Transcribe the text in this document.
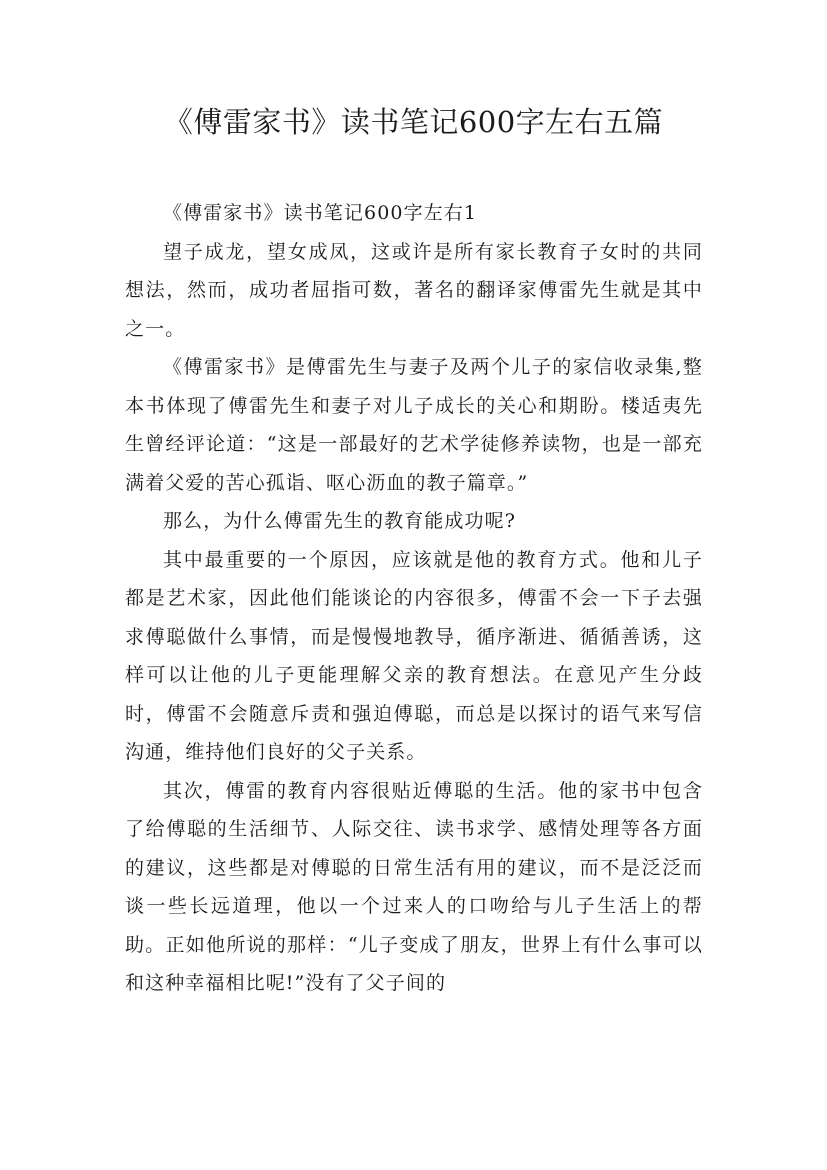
《傅雷家书》读书笔记600字左右五篇

《傅雷家书》读书笔记600字左右1

望子成龙，望女成凤，这或许是所有家长教育子女时的共同想法，然而，成功者屈指可数，著名的翻译家傅雷先生就是其中之一。

《傅雷家书》是傅雷先生与妻子及两个儿子的家信收录集,整本书体现了傅雷先生和妻子对儿子成长的关心和期盼。楼适夷先生曾经评论道：“这是一部最好的艺术学徒修养读物，也是一部充满着父爱的苦心孤诣、呕心沥血的教子篇章。”

那么，为什么傅雷先生的教育能成功呢?

其中最重要的一个原因，应该就是他的教育方式。他和儿子都是艺术家，因此他们能谈论的内容很多，傅雷不会一下子去强求傅聪做什么事情，而是慢慢地教导，循序渐进、循循善诱，这样可以让他的儿子更能理解父亲的教育想法。在意见产生分歧时，傅雷不会随意斥责和强迫傅聪，而总是以探讨的语气来写信沟通，维持他们良好的父子关系。

其次，傅雷的教育内容很贴近傅聪的生活。他的家书中包含了给傅聪的生活细节、人际交往、读书求学、感情处理等各方面的建议，这些都是对傅聪的日常生活有用的建议，而不是泛泛而谈一些长远道理，他以一个过来人的口吻给与儿子生活上的帮助。正如他所说的那样：“儿子变成了朋友，世界上有什么事可以和这种幸福相比呢!”没有了父子间的
